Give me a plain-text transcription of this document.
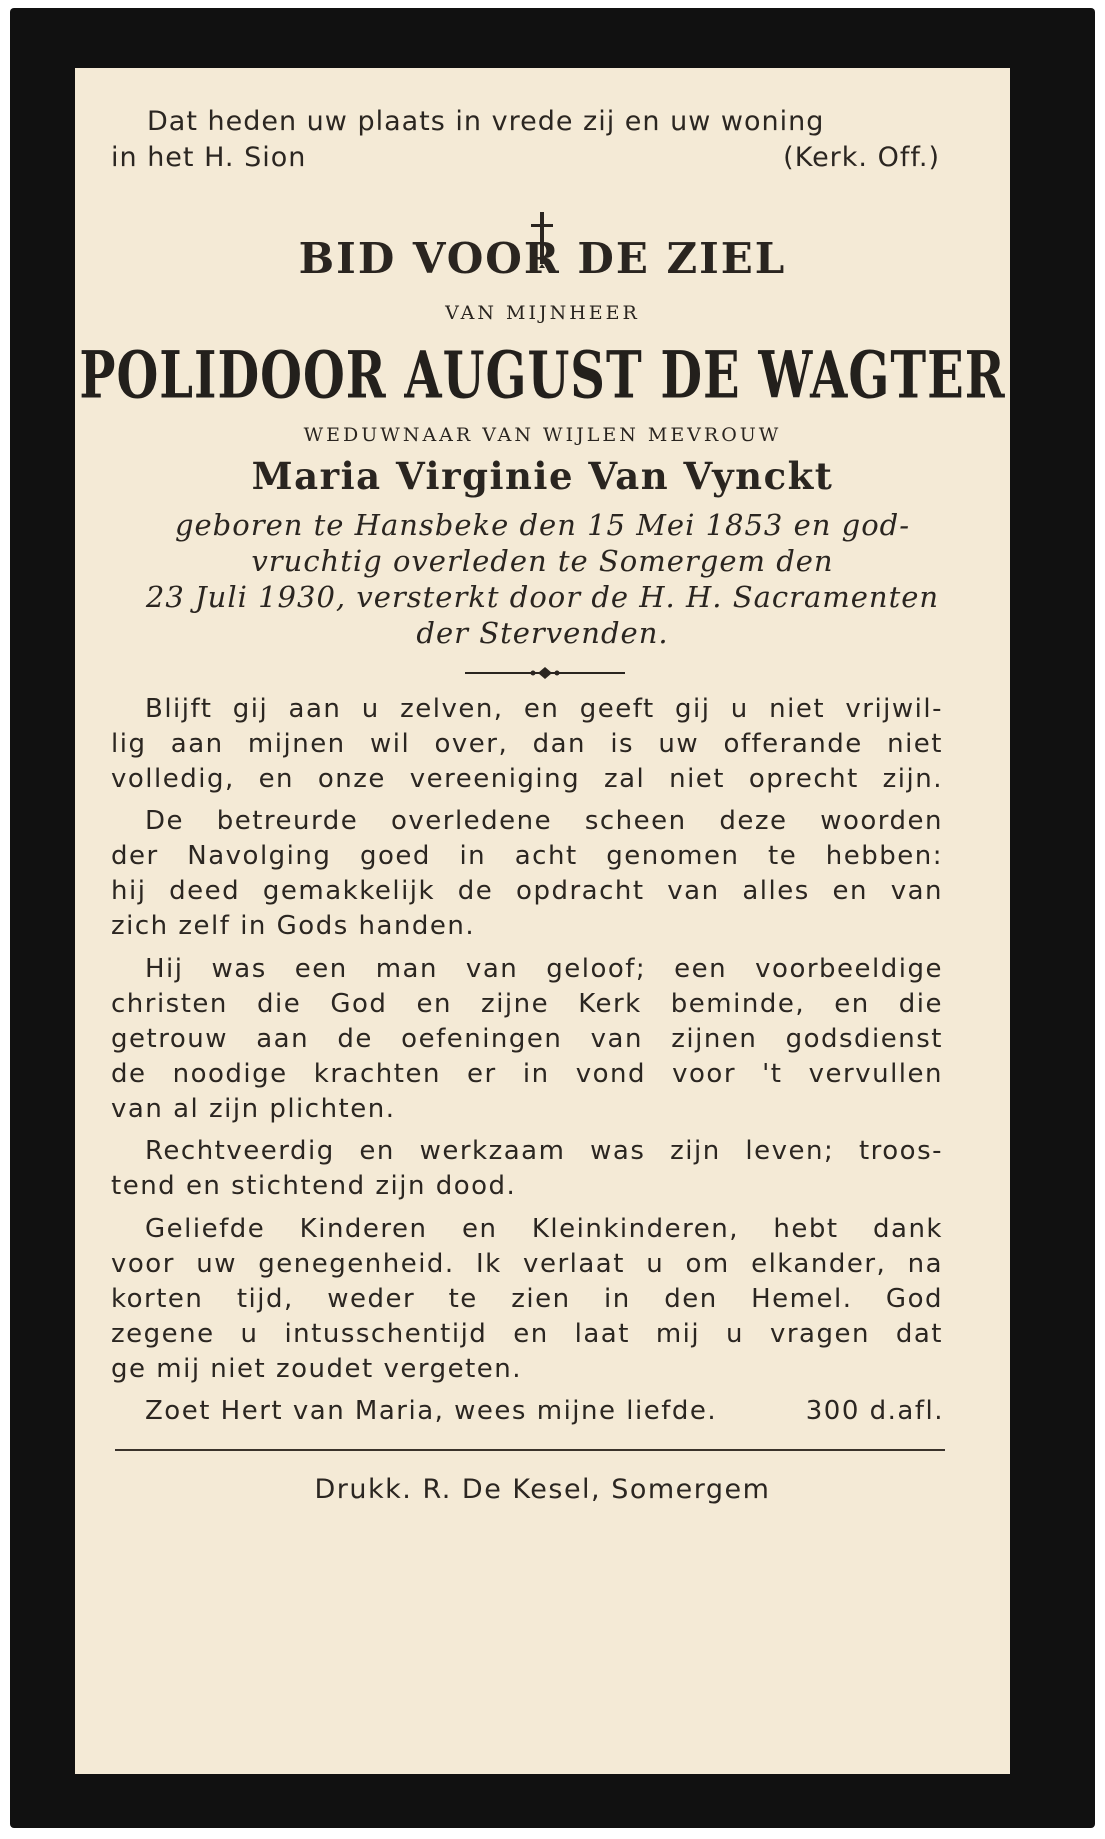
Dat heden uw plaats in vrede zij en uw woning
in het H. Sion	(Kerk. Off.)
BID VOOR DE ZIEL
VAN MIJNHEER
POLIDOOR AUGUST DE WAGTER
WEDUWNAAR VAN WIJLEN MEVROUW
Maria Virginie Van Vynckt
geboren te Hansbeke den 15 Mei 1853 en god-
vruchtig overleden te Somergem den
23 Juli 1930, versterkt door de H. H. Sacramenten
der Stervenden.
Blijft gij aan u zelven, en geeft gij u niet vrijwil-
lig aan mijnen wil over, dan is uw offerande niet
volledig, en onze vereeniging zal niet oprecht zijn.
De betreurde overledene scheen deze woorden
der Navolging goed in acht genomen te hebben:
hij deed gemakkelijk de opdracht van alles en van
zich zelf in Gods handen.
Hij was een man van geloof; een voorbeeldige
christen die God en zijne Kerk beminde, en die
getrouw aan de oefeningen van zijnen godsdienst
de noodige krachten er in vond voor 't vervullen
van al zijn plichten.
Rechtveerdig en werkzaam was zijn leven; troos-
tend en stichtend zijn dood.
Geliefde Kinderen en Kleinkinderen, hebt dank
voor uw genegenheid. Ik verlaat u om elkander, na
korten tijd, weder te zien in den Hemel. God
zegene u intusschentijd en laat mij u vragen dat
ge mij niet zoudet vergeten.
Zoet Hert van Maria, wees mijne liefde.	300 d.afl.
Drukk. R. De Kesel, Somergem
